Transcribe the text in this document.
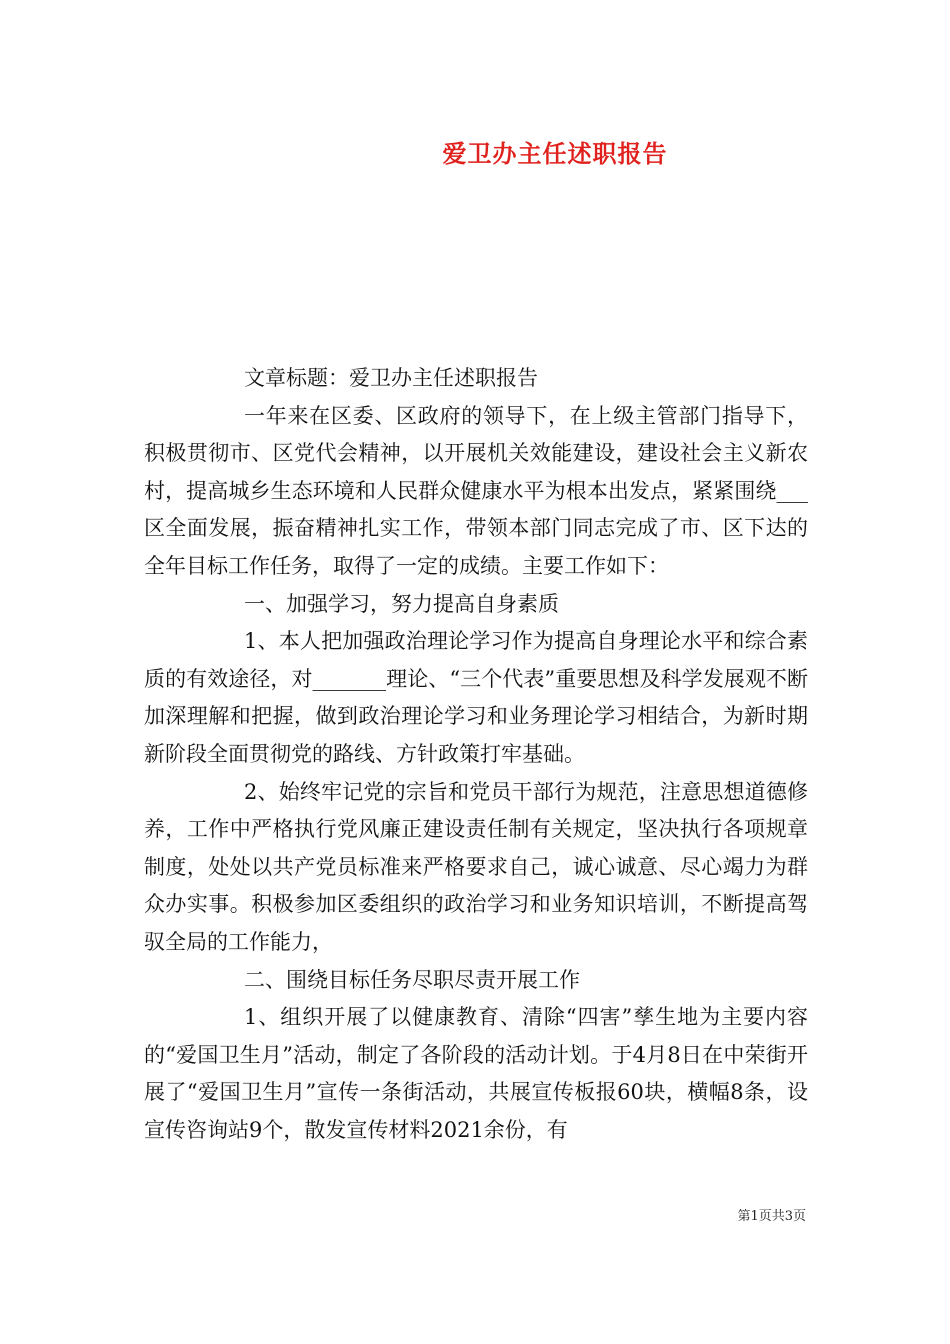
爱卫办主任述职报告

文章标题：爱卫办主任述职报告

一年来在区委、区政府的领导下，在上级主管部门指导下，积极贯彻市、区党代会精神，以开展机关效能建设，建设社会主义新农村，提高城乡生态环境和人民群众健康水平为根本出发点，紧紧围绕___区全面发展，振奋精神扎实工作，带领本部门同志完成了市、区下达的全年目标工作任务，取得了一定的成绩。主要工作如下：

一、加强学习，努力提高自身素质

1、本人把加强政治理论学习作为提高自身理论水平和综合素质的有效途径，对_______理论、“三个代表”重要思想及科学发展观不断加深理解和把握，做到政治理论学习和业务理论学习相结合，为新时期新阶段全面贯彻党的路线、方针政策打牢基础。

2、始终牢记党的宗旨和党员干部行为规范，注意思想道德修养，工作中严格执行党风廉正建设责任制有关规定，坚决执行各项规章制度，处处以共产党员标准来严格要求自己，诚心诚意、尽心竭力为群众办实事。积极参加区委组织的政治学习和业务知识培训，不断提高驾驭全局的工作能力，

二、围绕目标任务尽职尽责开展工作

1、组织开展了以健康教育、清除“四害”孳生地为主要内容的“爱国卫生月”活动，制定了各阶段的活动计划。于4月8日在中荣街开展了“爱国卫生月”宣传一条街活动，共展宣传板报60块，横幅8条，设宣传咨询站9个，散发宣传材料2021余份，有

第1页共3页
